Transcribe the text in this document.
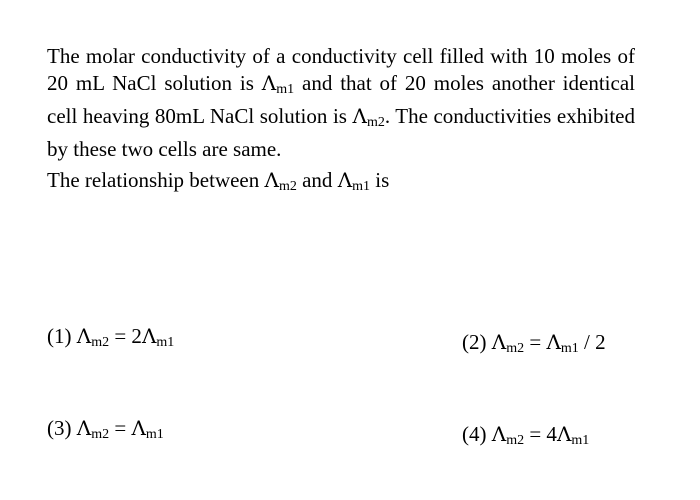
The molar conductivity of a conductivity cell filled with 10 moles of 20 mL NaCl solution is $\Lambda_{m1}$ and that of 20 moles another identical cell heaving 80mL NaCl solution is $\Lambda_{m2}$. The conductivities exhibited by these two cells are same.

The relationship between $\Lambda_{m2}$ and $\Lambda_{m1}$ is
(1) $\Lambda_{m2} = 2\Lambda_{m1}$	(2) $\Lambda_{m2} = \Lambda_{m1} / 2$
(3) $\Lambda_{m2} = \Lambda_{m1}$	(4) $\Lambda_{m2} = 4\Lambda_{m1}$
